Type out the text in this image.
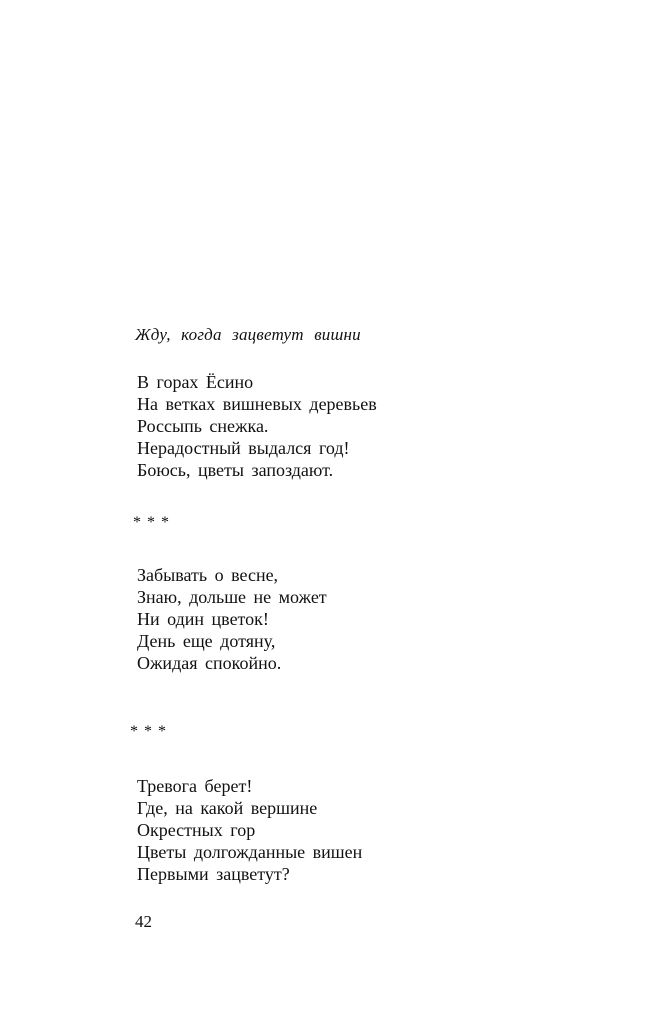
Жду, когда зацветут вишни
В горах Ёсино
На ветках вишневых деревьев
Россыпь снежка.
Нерадостный выдался год!
Боюсь, цветы запоздают.
* * *
Забывать о весне,
Знаю, дольше не может
Ни один цветок!
День еще дотяну,
Ожидая спокойно.
* * *
Тревога берет!
Где, на какой вершине
Окрестных гор
Цветы долгожданные вишен
Первыми зацветут?
42
